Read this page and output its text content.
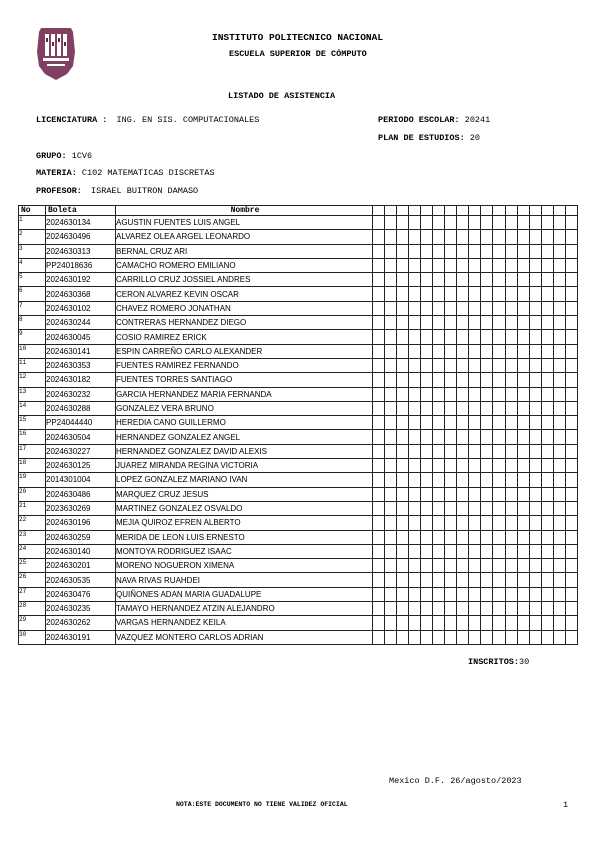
INSTITUTO POLITECNICO NACIONAL
ESCUELA SUPERIOR DE CÓMPUTO
LISTADO DE ASISTENCIA
LICENCIATURA : ING. EN SIS. COMPUTACIONALES	PERIODO ESCOLAR: 20241
PLAN DE ESTUDIOS: 20
GRUPO: 1CV6
MATERIA: C102 MATEMATICAS DISCRETAS
PROFESOR: ISRAEL BUITRON DAMASO
No	Boleta	Nombre																	
1	2024630134	AGUSTIN FUENTES LUIS ANGEL																	
2	2024630496	ALVAREZ OLEA ARGEL LEONARDO																	
3	2024630313	BERNAL CRUZ ARI																	
4	PP24018636	CAMACHO ROMERO EMILIANO																	
5	2024630192	CARRILLO CRUZ JOSSIEL ANDRES																	
6	2024630368	CERON ALVAREZ KEVIN OSCAR																	
7	2024630102	CHAVEZ ROMERO JONATHAN																	
8	2024630244	CONTRERAS HERNANDEZ DIEGO																	
9	2024630045	COSIO RAMIREZ ERICK																	
10	2024630141	ESPIN CARREÑO CARLO ALEXANDER																	
11	2024630353	FUENTES RAMIREZ FERNANDO																	
12	2024630182	FUENTES TORRES SANTIAGO																	
13	2024630232	GARCIA HERNANDEZ MARIA FERNANDA																	
14	2024630288	GONZALEZ VERA BRUNO																	
15	PP24044440	HEREDIA CANO GUILLERMO																	
16	2024630504	HERNANDEZ GONZALEZ ANGEL																	
17	2024630227	HERNANDEZ GONZALEZ DAVID ALEXIS																	
18	2024630125	JUAREZ MIRANDA REGINA VICTORIA																	
19	2014301004	LOPEZ GONZALEZ MARIANO IVAN																	
20	2024630486	MARQUEZ CRUZ JESUS																	
21	2023630269	MARTINEZ GONZALEZ OSVALDO																	
22	2024630196	MEJIA QUIROZ EFREN ALBERTO																	
23	2024630259	MERIDA DE LEON LUIS ERNESTO																	
24	2024630140	MONTOYA RODRIGUEZ ISAAC																	
25	2024630201	MORENO NOGUERON XIMENA																	
26	2024630535	NAVA RIVAS RUAHDEI																	
27	2024630476	QUIÑONES ADAN MARIA GUADALUPE																	
28	2024630235	TAMAYO HERNANDEZ ATZIN ALEJANDRO																	
29	2024630262	VARGAS HERNANDEZ KEILA																	
30	2024630191	VAZQUEZ MONTERO CARLOS ADRIAN																	
INSCRITOS:30
Mexico D.F. 26/agosto/2023
NOTA:ESTE DOCUMENTO NO TIENE VALIDEZ OFICIAL	1
